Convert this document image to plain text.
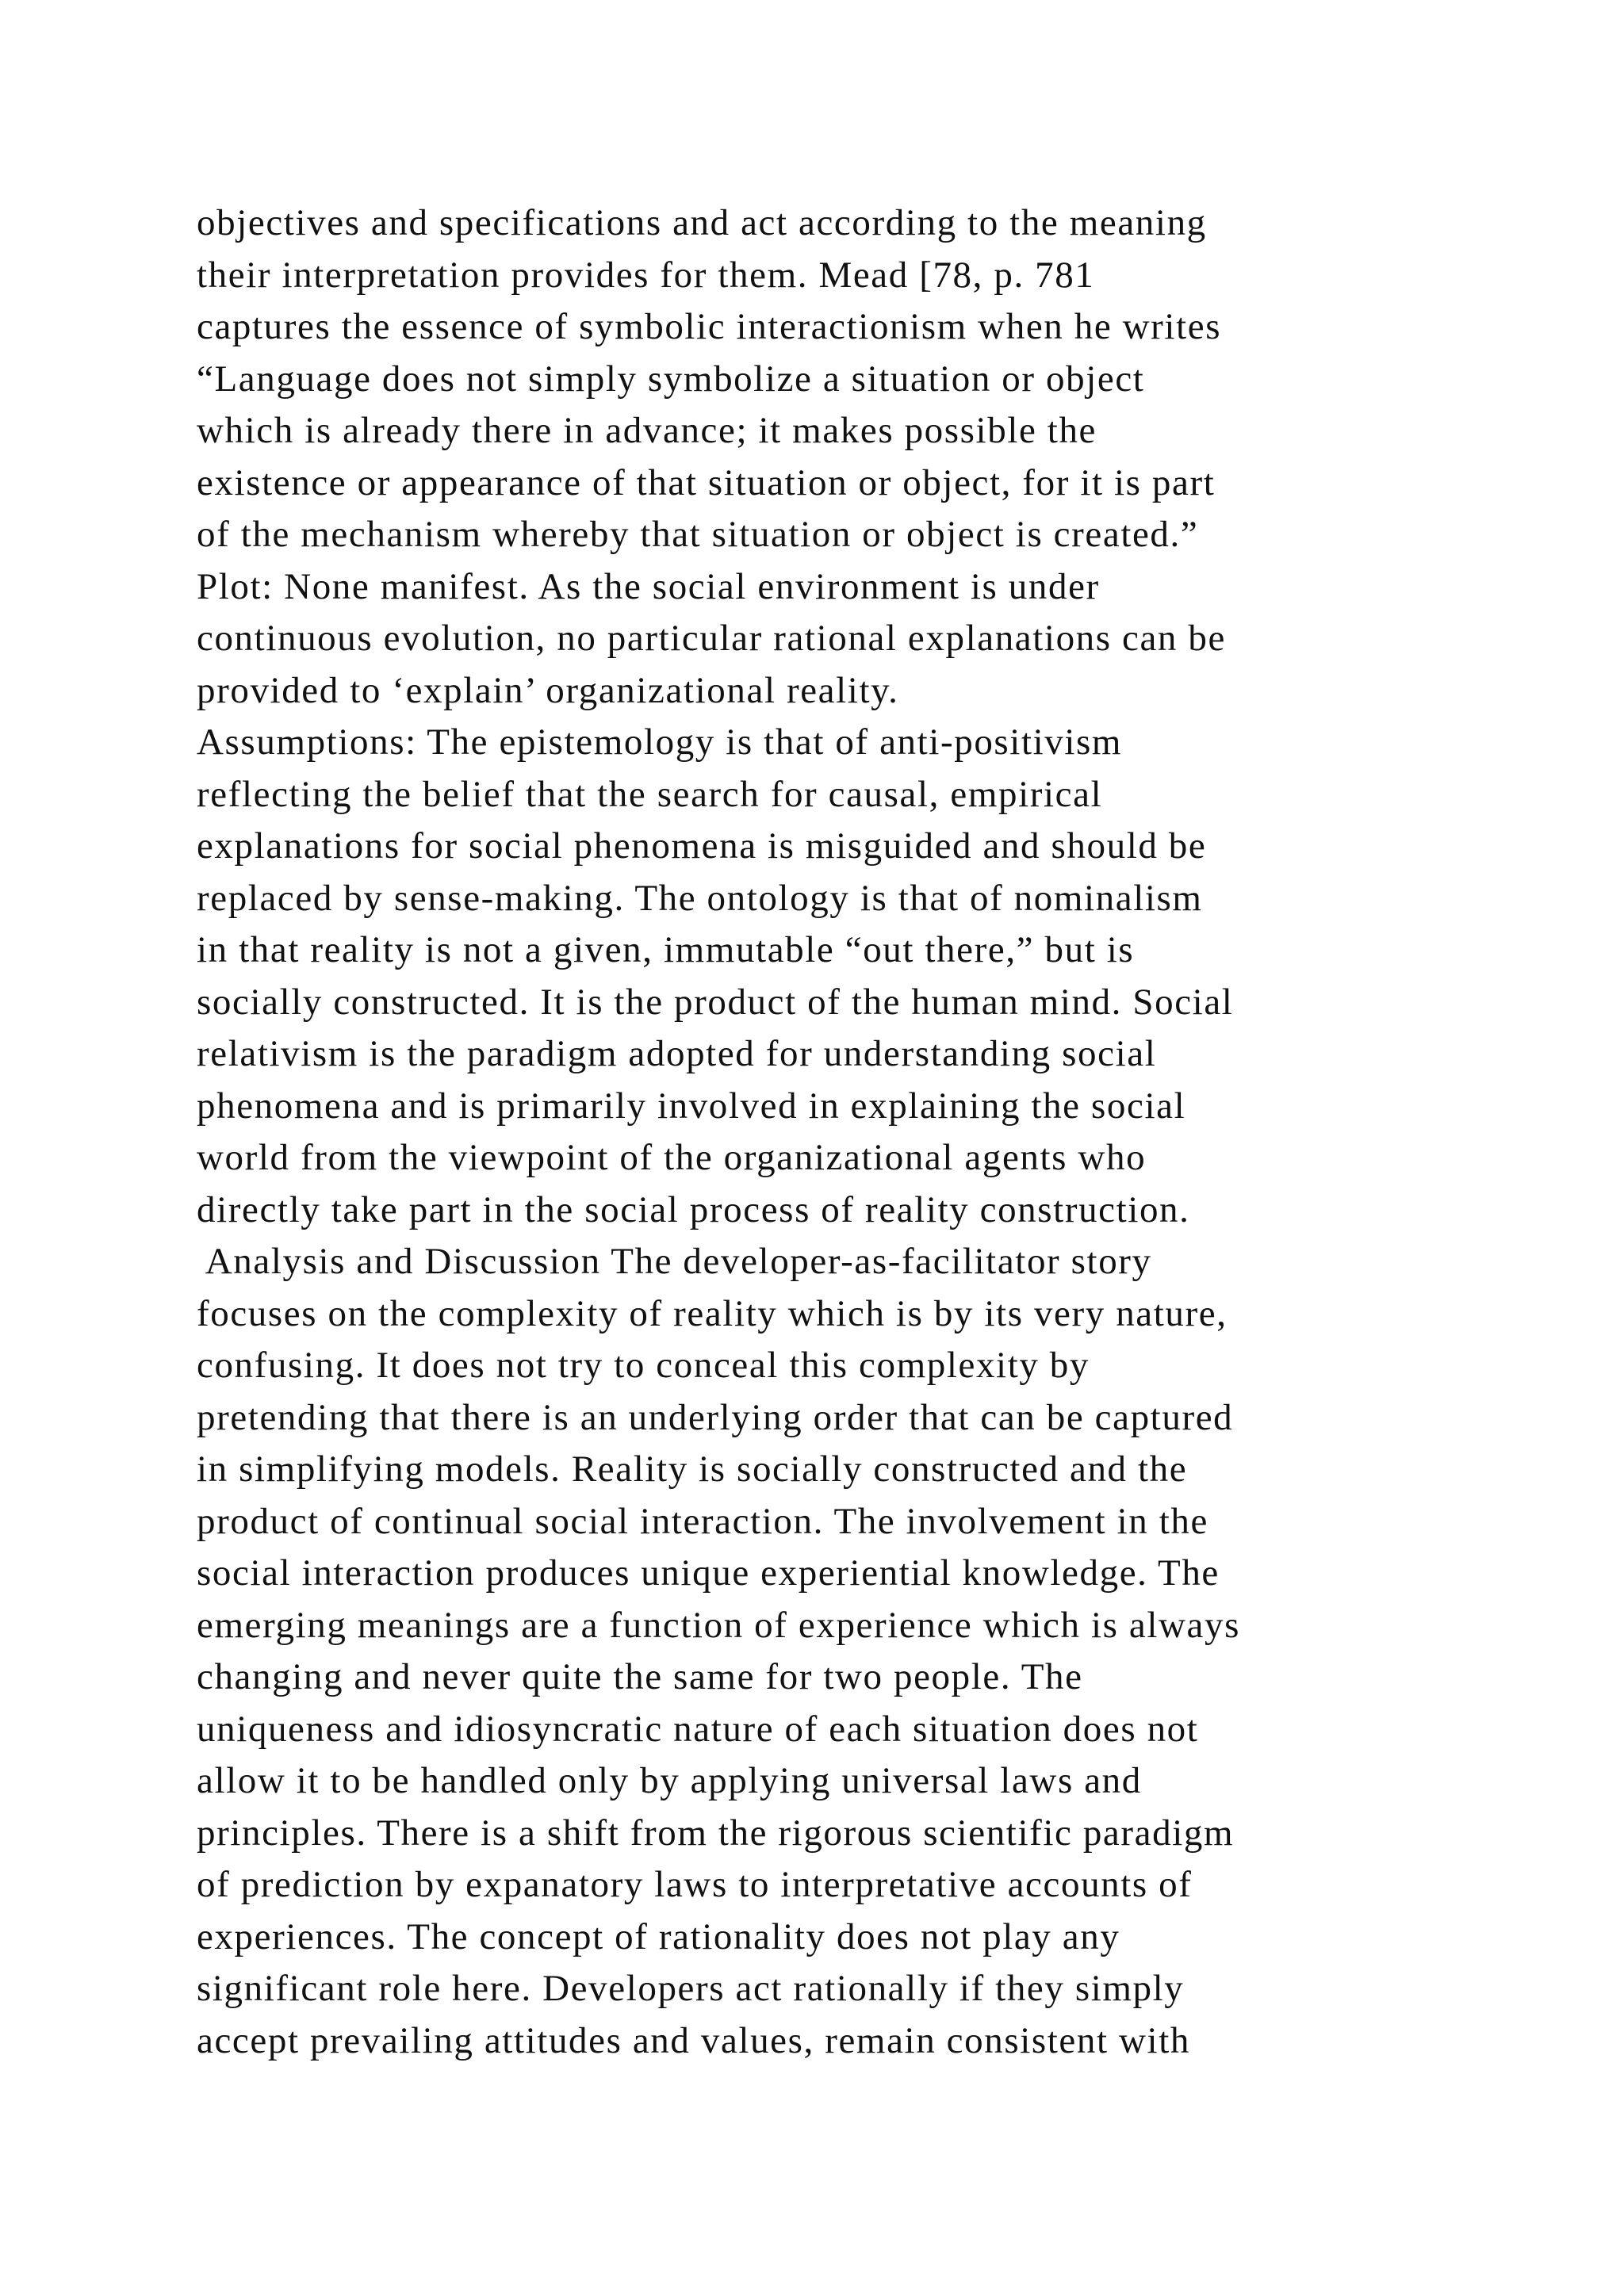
objectives and specifications and act according to the meaning
their interpretation provides for them. Mead [78, p. 781
captures the essence of symbolic interactionism when he writes
“Language does not simply symbolize a situation or object
which is already there in advance; it makes possible the
existence or appearance of that situation or object, for it is part
of the mechanism whereby that situation or object is created.”
Plot: None manifest. As the social environment is under
continuous evolution, no particular rational explanations can be
provided to ‘explain’ organizational reality.
Assumptions: The epistemology is that of anti-positivism
reflecting the belief that the search for causal, empirical
explanations for social phenomena is misguided and should be
replaced by sense-making. The ontology is that of nominalism
in that reality is not a given, immutable “out there,” but is
socially constructed. It is the product of the human mind. Social
relativism is the paradigm adopted for understanding social
phenomena and is primarily involved in explaining the social
world from the viewpoint of the organizational agents who
directly take part in the social process of reality construction.
Analysis and Discussion The developer-as-facilitator story
focuses on the complexity of reality which is by its very nature,
confusing. It does not try to conceal this complexity by
pretending that there is an underlying order that can be captured
in simplifying models. Reality is socially constructed and the
product of continual social interaction. The involvement in the
social interaction produces unique experiential knowledge. The
emerging meanings are a function of experience which is always
changing and never quite the same for two people. The
uniqueness and idiosyncratic nature of each situation does not
allow it to be handled only by applying universal laws and
principles. There is a shift from the rigorous scientific paradigm
of prediction by expanatory laws to interpretative accounts of
experiences. The concept of rationality does not play any
significant role here. Developers act rationally if they simply
accept prevailing attitudes and values, remain consistent with
